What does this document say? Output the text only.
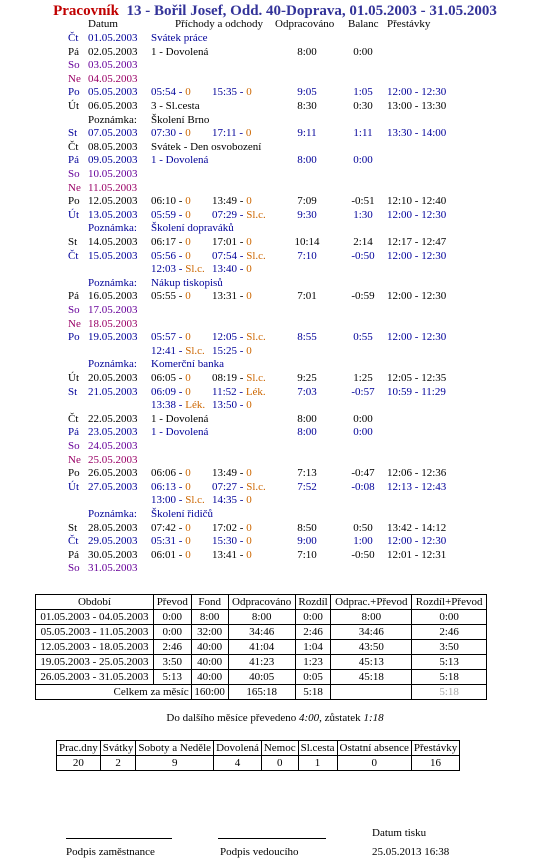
Pracovník 13 - Bořil Josef, Odd. 40-Doprava, 01.05.2003 - 31.05.2003
Datum	Příchody a odchody Odpracováno Balanc Přestávky
Čt 01.05.2003 Svátek práce
Pá 02.05.2003 1 - Dovolená	8:00	0:00
So 03.05.2003
Ne 04.05.2003
Po 05.05.2003 05:54 - 0 15:35 - 0	9:05	1:05	12:00 - 12:30
Út 06.05.2003 3 - Sl.cesta	8:30	0:30	13:00 - 13:30
Poznámka: Školení Brno
St 07.05.2003 07:30 - 0 17:11 - 0	9:11	1:11	13:30 - 14:00
Čt 08.05.2003 Svátek - Den osvobození
Pá 09.05.2003 1 - Dovolená	8:00	0:00
So 10.05.2003
Ne 11.05.2003
Po 12.05.2003 06:10 - 0 13:49 - 0	7:09	-0:51	12:10 - 12:40
Út 13.05.2003 05:59 - 0 07:29 - Sl.c.	9:30	1:30	12:00 - 12:30
Poznámka: Školení dopraváků
St 14.05.2003 06:17 - 0 17:01 - 0	10:14	2:14	12:17 - 12:47
Čt 15.05.2003 05:56 - 0 07:54 - Sl.c.	7:10	-0:50	12:00 - 12:30
12:03 - Sl.c. 13:40 - 0
Poznámka: Nákup tiskopisů
Pá 16.05.2003 05:55 - 0 13:31 - 0	7:01	-0:59	12:00 - 12:30
So 17.05.2003
Ne 18.05.2003
Po 19.05.2003 05:57 - 0 12:05 - Sl.c.	8:55	0:55	12:00 - 12:30
12:41 - Sl.c. 15:25 - 0
Poznámka: Komerční banka
Út 20.05.2003 06:05 - 0 08:19 - Sl.c.	9:25	1:25	12:05 - 12:35
St 21.05.2003 06:09 - 0 11:52 - Lék.	7:03	-0:57	10:59 - 11:29
13:38 - Lék. 13:50 - 0
Čt 22.05.2003 1 - Dovolená	8:00	0:00
Pá 23.05.2003 1 - Dovolená	8:00	0:00
So 24.05.2003
Ne 25.05.2003
Po 26.05.2003 06:06 - 0 13:49 - 0	7:13	-0:47	12:06 - 12:36
Út 27.05.2003 06:13 - 0 07:27 - Sl.c.	7:52	-0:08	12:13 - 12:43
13:00 - Sl.c. 14:35 - 0
Poznámka: Školení řidičů
St 28.05.2003 07:42 - 0 17:02 - 0	8:50	0:50	13:42 - 14:12
Čt 29.05.2003 05:31 - 0 15:30 - 0	9:00	1:00	12:00 - 12:30
Pá 30.05.2003 06:01 - 0 13:41 - 0	7:10	-0:50	12:01 - 12:31
So 31.05.2003
Období	Převod	Fond	Odpracováno	Rozdíl	Odprac.+Převod	Rozdíl+Převod
01.05.2003 - 04.05.2003	0:00	8:00	8:00	0:00	8:00	0:00
05.05.2003 - 11.05.2003	0:00	32:00	34:46	2:46	34:46	2:46
12.05.2003 - 18.05.2003	2:46	40:00	41:04	1:04	43:50	3:50
19.05.2003 - 25.05.2003	3:50	40:00	41:23	1:23	45:13	5:13
26.05.2003 - 31.05.2003	5:13	40:00	40:05	0:05	45:18	5:18
Celkem za měsíc		160:00	165:18	5:18		5:18
Do dalšího měsíce převedeno 4:00, zůstatek 1:18
Prac.dny	Svátky	Soboty a Neděle	Dovolená	Nemoc	Sl.cesta	Ostatní absence	Přestávky
20	2	9	4	0	1	0	16
Datum tisku
Podpis zaměstnance	Podpis vedoucího	25.05.2013 16:38
